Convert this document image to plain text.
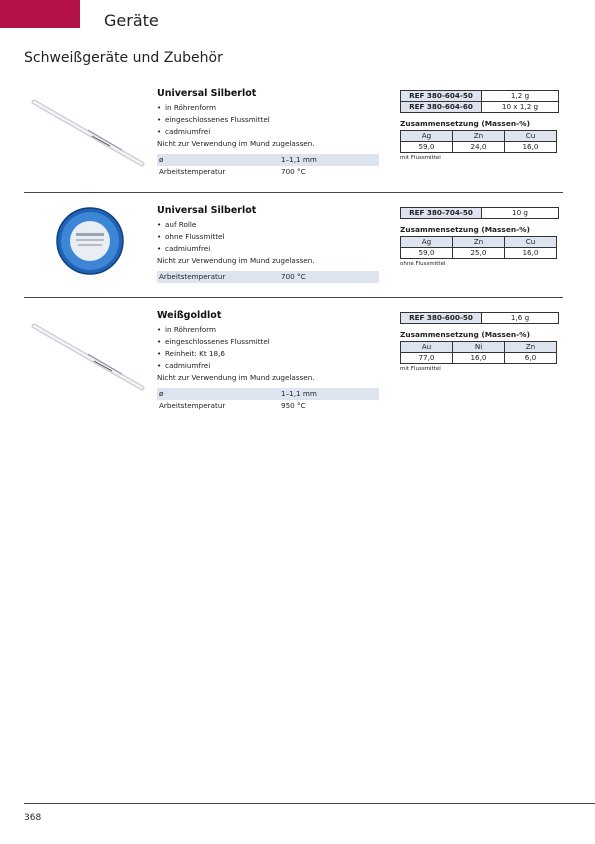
Geräte
Schweißgeräte und Zubehör
Universal Silberlot
• in Röhrenform
• eingeschlossenes Flussmittel
• cadmiumfrei
Nicht zur Verwendung im Mund zugelassen.
ø	1–1,1 mm
Arbeitstemperatur	700 °C
REF 380-604-50	1,2 g
REF 380-604-60	10 x 1,2 g
Zusammensetzung (Massen-%)
Ag	Zn	Cu
59,0	24,0	16,0
mit Flussmittel
Universal Silberlot
• auf Rolle
• ohne Flussmittel
• cadmiumfrei
Nicht zur Verwendung im Mund zugelassen.
Arbeitstemperatur	700 °C
REF 380-704-50	10 g
Zusammensetzung (Massen-%)
Ag	Zn	Cu
59,0	25,0	16,0
ohne Flussmittel
Weißgoldlot
• in Röhrenform
• eingeschlossenes Flussmittel
• Reinheit: Kt 18,6
• cadmiumfrei
Nicht zur Verwendung im Mund zugelassen.
ø	1–1,1 mm
Arbeitstemperatur	950 °C
REF 380-600-50	1,6 g
Zusammensetzung (Massen-%)
Au	Ni	Zn
77,0	16,0	6,0
mit Flussmittel
368
